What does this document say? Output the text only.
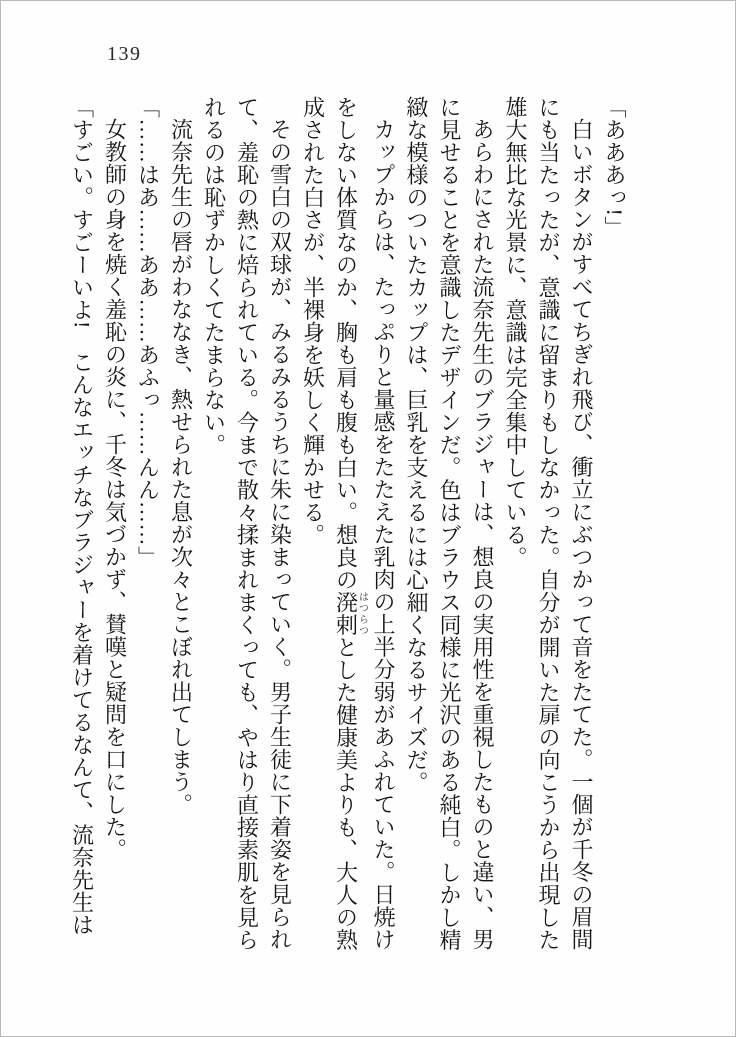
139
「あああっ!」
白いボタンがすべてちぎれ飛び、衝立にぶつかって音をたてた。一個が千冬の眉間
にも当たったが、意識に留まりもしなかった。自分が開いた扉の向こうから出現した
雄大無比な光景に、意識は完全集中している。
あらわにされた流奈先生のブラジャーは、想良の実用性を重視したものと違い、男
に見せることを意識したデザインだ。色はブラウス同様に光沢のある純白。しかし精
緻な模様のついたカップは、巨乳を支えるには心細くなるサイズだ。
カップからは、たっぷりと量感をたたえた乳肉の上半分弱があふれていた。日焼け
をしない体質なのか、胸も肩も腹も白い。想良の溌剌はつらつとした健康美よりも、大人の熟
成された白さが、半裸身を妖しく輝かせる。
その雪白の双球が、みるみるうちに朱に染まっていく。男子生徒に下着姿を見られ
て、羞恥の熱に焙られている。今まで散々揉まれまくっても、やはり直接素肌を見ら
れるのは恥ずかしくてたまらない。
流奈先生の唇がわななき、熱せられた息が次々とこぼれ出てしまう。
「……はあ……ああ……あふっ……んん……」
女教師の身を焼く羞恥の炎に、千冬は気づかず、賛嘆と疑問を口にした。
「すごい。すごーいよ!　こんなエッチなブラジャーを着けてるなんて、流奈先生は
